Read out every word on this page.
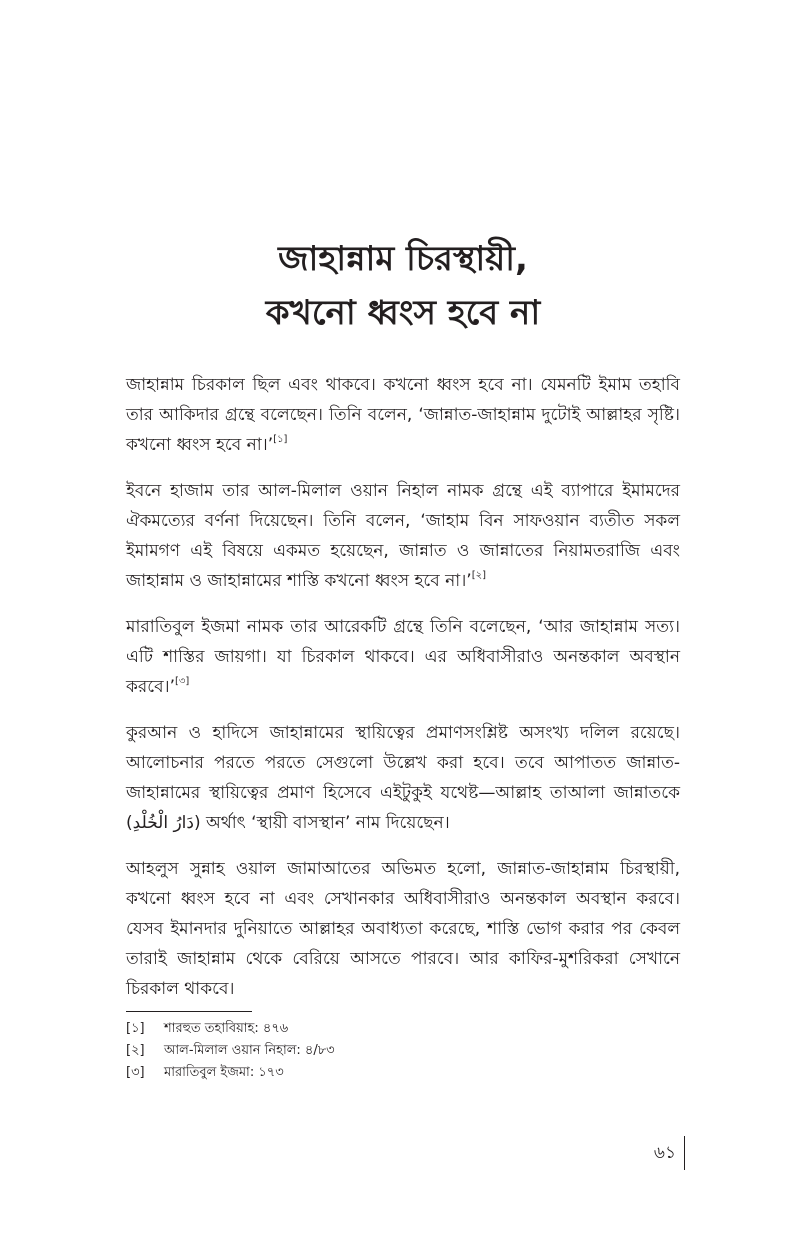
জাহান্নাম চিরস্থায়ী,
কখনো ধ্বংস হবে না

জাহান্নাম চিরকাল ছিল এবং থাকবে। কখনো ধ্বংস হবে না। যেমনটি ইমাম তহাবি তার আকিদার গ্রন্থে বলেছেন। তিনি বলেন, ‘জান্নাত-জাহান্নাম দুটোই আল্লাহর সৃষ্টি। কখনো ধ্বংস হবে না।’[১]

ইবনে হাজাম তার আল-মিলাল ওয়ান নিহাল নামক গ্রন্থে এই ব্যাপারে ইমামদের ঐকমত্যের বর্ণনা দিয়েছেন। তিনি বলেন, ‘জাহাম বিন সাফওয়ান ব্যতীত সকল ইমামগণ এই বিষয়ে একমত হয়েছেন, জান্নাত ও জান্নাতের নিয়ামতরাজি এবং জাহান্নাম ও জাহান্নামের শাস্তি কখনো ধ্বংস হবে না।’[২]

মারাতিবুল ইজমা নামক তার আরেকটি গ্রন্থে তিনি বলেছেন, ‘আর জাহান্নাম সত্য। এটি শাস্তির জায়গা। যা চিরকাল থাকবে। এর অধিবাসীরাও অনন্তকাল অবস্থান করবে।’[৩]

কুরআন ও হাদিসে জাহান্নামের স্থায়িত্বের প্রমাণসংশ্লিষ্ট অসংখ্য দলিল রয়েছে। আলোচনার পরতে পরতে সেগুলো উল্লেখ করা হবে। তবে আপাতত জান্নাত-জাহান্নামের স্থায়িত্বের প্রমাণ হিসেবে এইটুকুই যথেষ্ট—আল্লাহ তাআলা জান্নাতকে (دَارُ الْخُلْدِ) অর্থাৎ ‘স্থায়ী বাসস্থান’ নাম দিয়েছেন।

আহলুস সুন্নাহ ওয়াল জামাআতের অভিমত হলো, জান্নাত-জাহান্নাম চিরস্থায়ী, কখনো ধ্বংস হবে না এবং সেখানকার অধিবাসীরাও অনন্তকাল অবস্থান করবে। যেসব ইমানদার দুনিয়াতে আল্লাহর অবাধ্যতা করেছে, শাস্তি ভোগ করার পর কেবল তারাই জাহান্নাম থেকে বেরিয়ে আসতে পারবে। আর কাফির-মুশরিকরা সেখানে চিরকাল থাকবে।

[১] শারহুত তহাবিয়াহ: ৪৭৬
[২] আল-মিলাল ওয়ান নিহাল: ৪/৮৩
[৩] মারাতিবুল ইজমা: ১৭৩
৬১
